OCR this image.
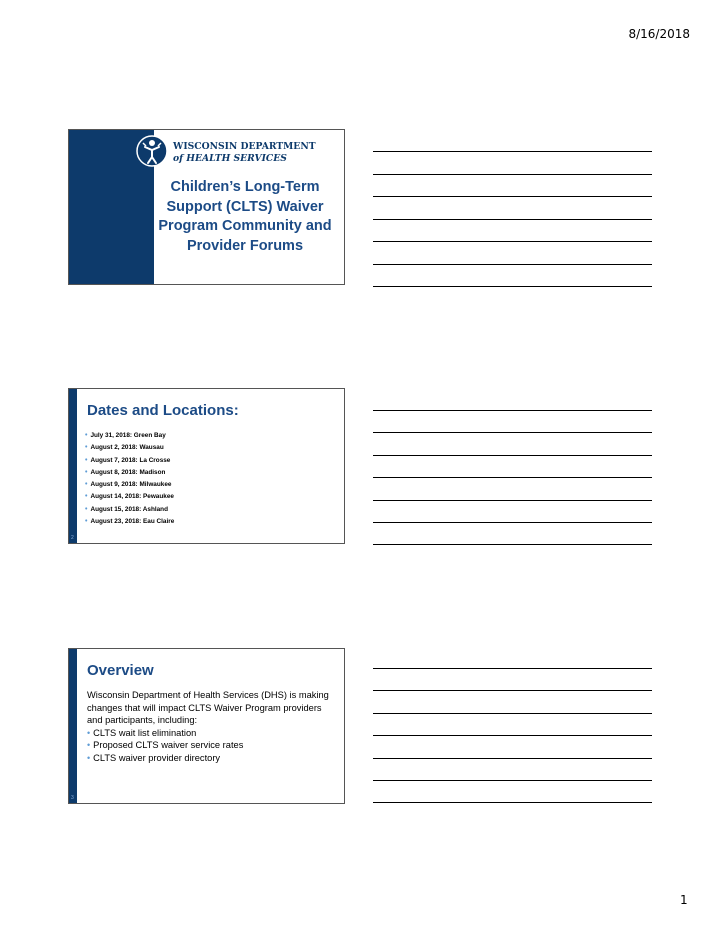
8/16/2018
WISCONSIN DEPARTMENT
of HEALTH SERVICES
Children’s Long-Term Support (CLTS) Waiver Program Community and Provider Forums
Dates and Locations:
• July 31, 2018: Green Bay
• August 2, 2018: Wausau
• August 7, 2018: La Crosse
• August 8, 2018: Madison
• August 9, 2018: Milwaukee
• August 14, 2018: Pewaukee
• August 15, 2018: Ashland
• August 23, 2018: Eau Claire
2
Overview
Wisconsin Department of Health Services (DHS) is making changes that will impact CLTS Waiver Program providers and participants, including:
• CLTS wait list elimination
• Proposed CLTS waiver service rates
• CLTS waiver provider directory
3
1
